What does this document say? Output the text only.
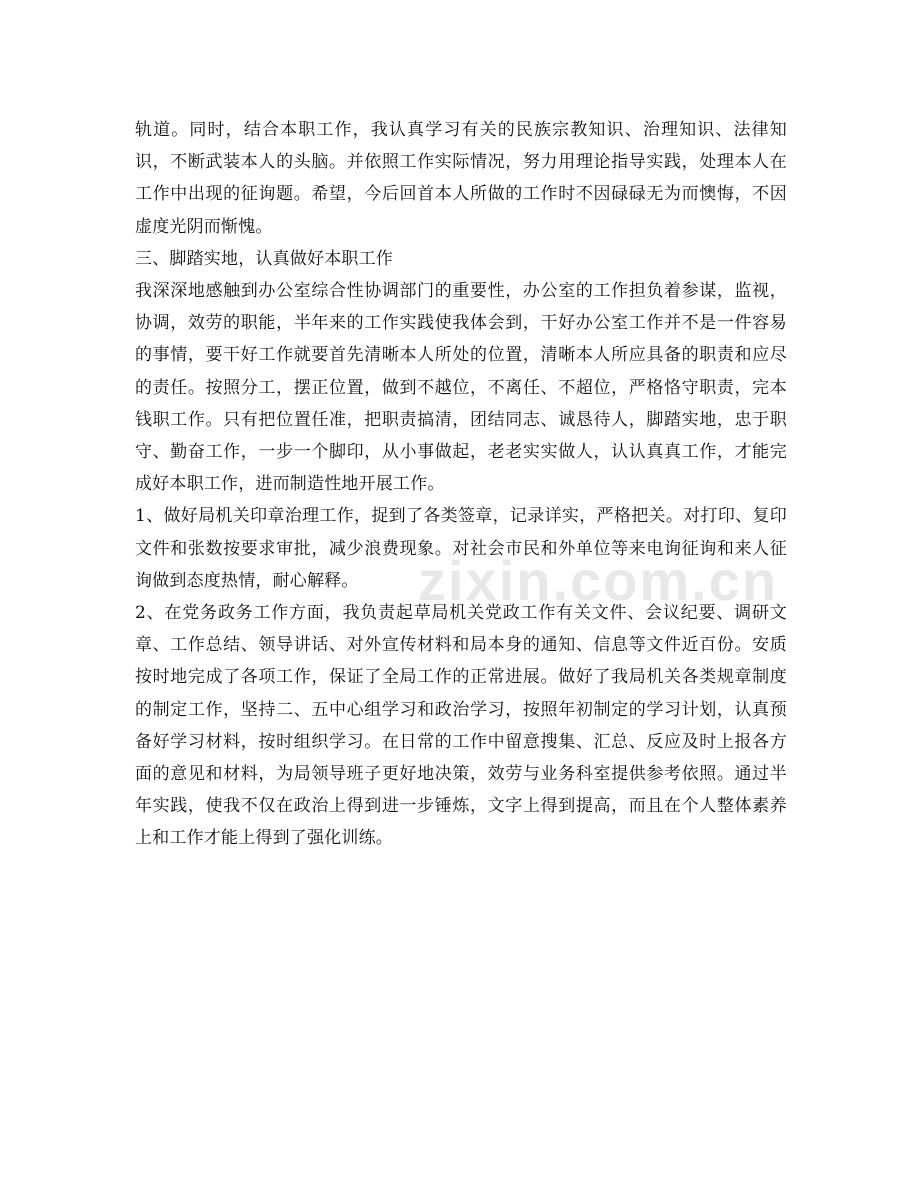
轨道。同时，结合本职工作，我认真学习有关的民族宗教知识、治理知识、法律知识，不断武装本人的头脑。并依照工作实际情况，努力用理论指导实践，处理本人在工作中出现的征询题。希望，今后回首本人所做的工作时不因碌碌无为而懊悔，不因虚度光阴而惭愧。

三、脚踏实地，认真做好本职工作

我深深地感触到办公室综合性协调部门的重要性，办公室的工作担负着参谋，监视，协调，效劳的职能，半年来的工作实践使我体会到，干好办公室工作并不是一件容易的事情，要干好工作就要首先清晰本人所处的位置，清晰本人所应具备的职责和应尽的责任。按照分工，摆正位置，做到不越位，不离任、不超位，严格恪守职责，完本钱职工作。只有把位置任准，把职责搞清，团结同志、诚恳待人，脚踏实地，忠于职守、勤奋工作，一步一个脚印，从小事做起，老老实实做人，认认真真工作，才能完成好本职工作，进而制造性地开展工作。

1、做好局机关印章治理工作，捉到了各类签章，记录详实，严格把关。对打印、复印文件和张数按要求审批，减少浪费现象。对社会市民和外单位等来电询征询和来人征询做到态度热情，耐心解释。

2、在党务政务工作方面，我负责起草局机关党政工作有关文件、会议纪要、调研文章、工作总结、领导讲话、对外宣传材料和局本身的通知、信息等文件近百份。安质按时地完成了各项工作，保证了全局工作的正常进展。做好了我局机关各类规章制度的制定工作，坚持二、五中心组学习和政治学习，按照年初制定的学习计划，认真预备好学习材料，按时组织学习。在日常的工作中留意搜集、汇总、反应及时上报各方面的意见和材料，为局领导班子更好地决策，效劳与业务科室提供参考依照。通过半年实践，使我不仅在政治上得到进一步锤炼，文字上得到提高，而且在个人整体素养上和工作才能上得到了强化训练。

zixin.com.cn
